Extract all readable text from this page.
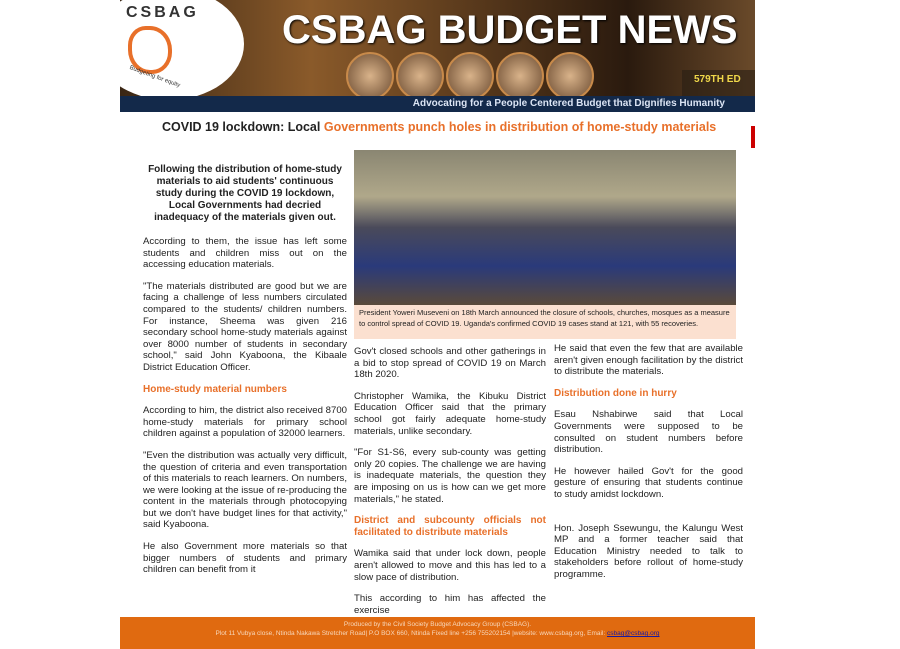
CSBAG
Budgeting for equity
CSBAG BUDGET NEWS
579TH ED
Advocating for a People Centered Budget that Dignifies Humanity
COVID 19 lockdown: Local Governments punch holes in distribution of home-study materials

Following the distribution of home-study materials to aid students' continuous study during the COVID 19 lockdown, Local Governments had decried inadequacy of the materials given out.

According to them, the issue has left some students and children miss out on the accessing education materials.

"The materials distributed are good but we are facing a challenge of less numbers circulated compared to the students/ children numbers. For instance, Sheema was given 216 secondary school home-study materials against over 8000 number of students in secondary school," said John Kyaboona, the Kibaale District Education Officer.

Home-study material numbers

According to him, the district also received 8700 home-study materials for primary school children against a population of 32000 learners.

"Even the distribution was actually very difficult, the question of criteria and even transportation of this materials to reach learners. On numbers, we were looking at the issue of re-producing the content in the materials through photocopying but we don't have budget lines for that activity," said Kyaboona.

He also Government more materials so that bigger numbers of students and primary children can benefit from it

President Yoweri Museveni on 18th March announced the closure of schools, churches, mosques as a measure to control spread of COVID 19. Uganda's confirmed COVID 19 cases stand at 121, with 55 recoveries.

Gov't closed schools and other gatherings in a bid to stop spread of COVID 19 on March 18th 2020.

Christopher Wamika, the Kibuku District Education Officer said that the primary school got fairly adequate home-study materials, unlike secondary.

"For S1-S6, every sub-county was getting only 20 copies. The challenge we are having is inadequate materials, the question they are imposing on us is how can we get more materials," he stated.

District and subcounty officials not facilitated to distribute materials

Wamika said that under lock down, people aren't allowed to move and this has led to a slow pace of distribution.

This according to him has affected the exercise

He said that even the few that are available aren't given enough facilitation by the district to distribute the materials.

Distribution done in hurry

Esau Nshabirwe said that Local Governments were supposed to be consulted on student numbers before distribution.

He however hailed Gov't for the good gesture of ensuring that students continue to study amidst lockdown.

Hon. Joseph Ssewungu, the Kalungu West MP and a former teacher said that Education Ministry needed to talk to stakeholders before rollout of home-study programme.

Produced by the Civil Society Budget Advocacy Group (CSBAG).
Plot 11 Vubya close, Ntinda Nakawa Stretcher Road| P.O BOX 660, Ntinda Fixed line +256 755202154 |website: www.csbag.org, Email: csbag@csbag.org
